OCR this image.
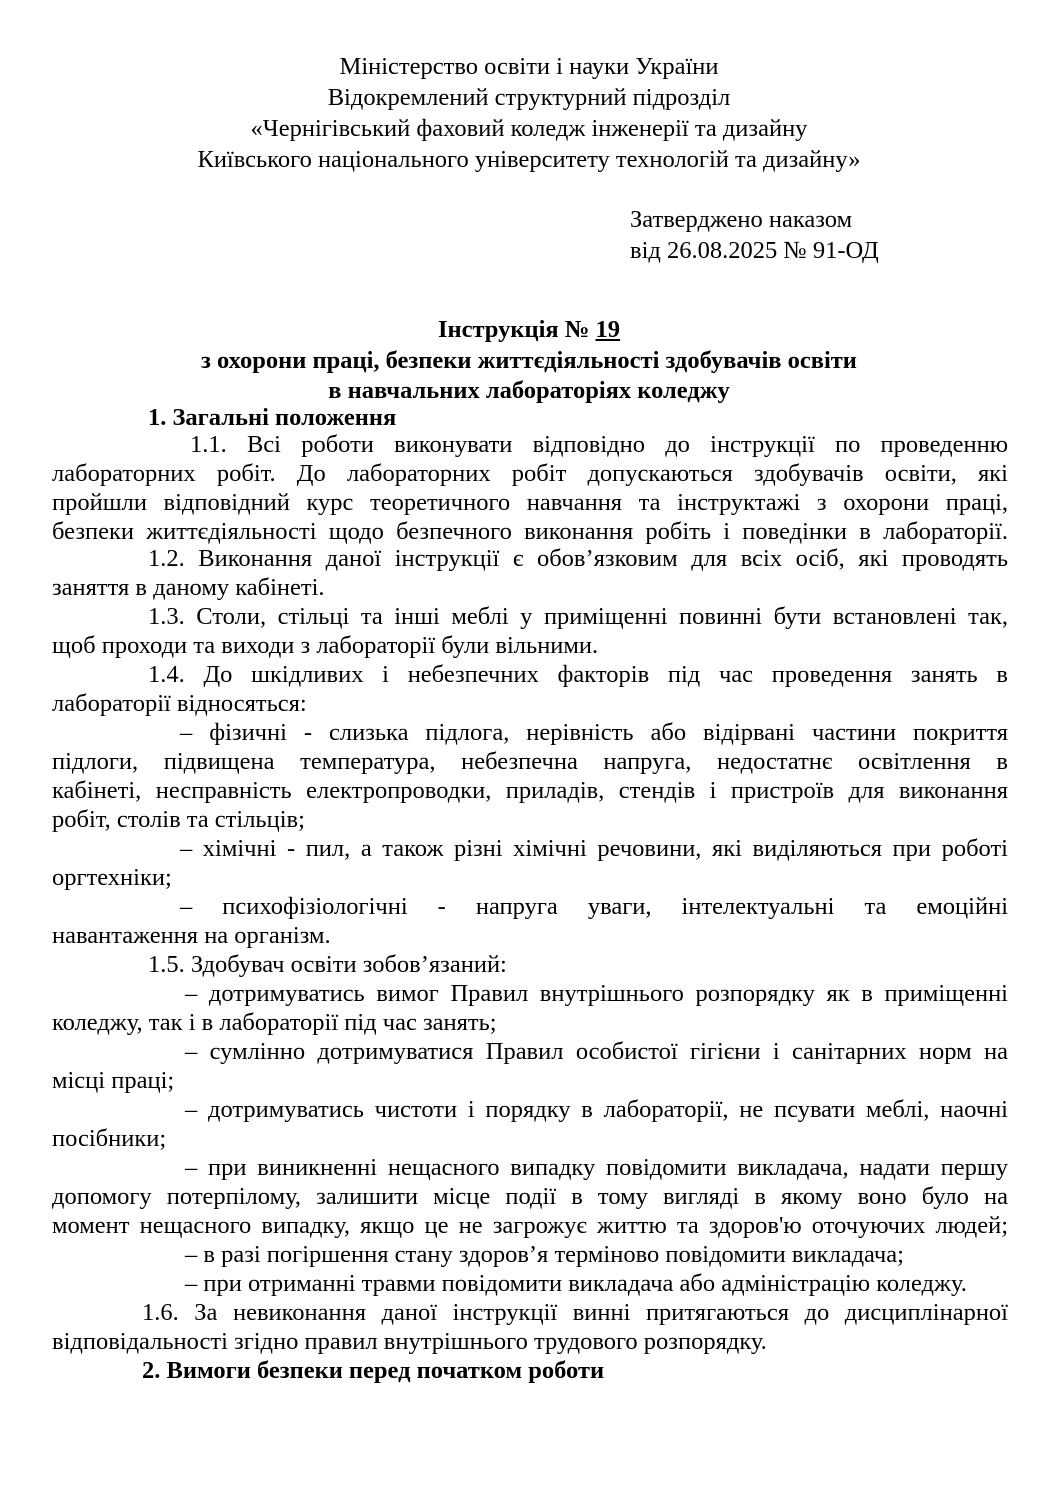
Міністерство освіти і науки України
Відокремлений структурний підрозділ
«Чернігівський фаховий коледж інженерії та дизайну
Київського національного університету технологій та дизайну»
Затверджено наказом
від 26.08.2025 № 91-ОД
Інструкція № 19
з охорони праці, безпеки життєдіяльності здобувачів освіти
в навчальних лабораторіях коледжу
1. Загальні положення
1.1. Всі роботи виконувати відповідно до інструкції по проведенню
лабораторних робіт. До лабораторних робіт допускаються здобувачів освіти, які
пройшли відповідний курс теоретичного навчання та інструктажі з охорони праці,
безпеки життєдіяльності щодо безпечного виконання робіть і поведінки в лабораторії.
1.2. Виконання даної інструкції є обов’язковим для всіх осіб, які проводять
заняття в даному кабінеті.
1.3. Столи, стільці та інші меблі у приміщенні повинні бути встановлені так,
щоб проходи та виходи з лабораторії були вільними.
1.4. До шкідливих і небезпечних факторів під час проведення занять в
лабораторії відносяться:
– фізичні - слизька підлога, нерівність або відірвані частини покриття
підлоги, підвищена температура, небезпечна напруга, недостатнє освітлення в
кабінеті, несправність електропроводки, приладів, стендів і пристроїв для виконання
робіт, столів та стільців;
– хімічні - пил, а також різні хімічні речовини, які виділяються при роботі
оргтехніки;
– психофізіологічні - напруга уваги, інтелектуальні та емоційні
навантаження на організм.
1.5. Здобувач освіти зобов’язаний:
– дотримуватись вимог Правил внутрішнього розпорядку як в приміщенні
коледжу, так і в лабораторії під час занять;
– сумлінно дотримуватися Правил особистої гігієни і санітарних норм на
місці праці;
– дотримуватись чистоти і порядку в лабораторії, не псувати меблі, наочні
посібники;
– при виникненні нещасного випадку повідомити викладача, надати першу
допомогу потерпілому, залишити місце події в тому вигляді в якому воно було на
момент нещасного випадку, якщо це не загрожує життю та здоров'ю оточуючих людей;
– в разі погіршення стану здоров’я терміново повідомити викладача;
– при отриманні травми повідомити викладача або адміністрацію коледжу.
1.6. За невиконання даної інструкції винні притягаються до дисциплінарної
відповідальності згідно правил внутрішнього трудового розпорядку.
2. Вимоги безпеки перед початком роботи
